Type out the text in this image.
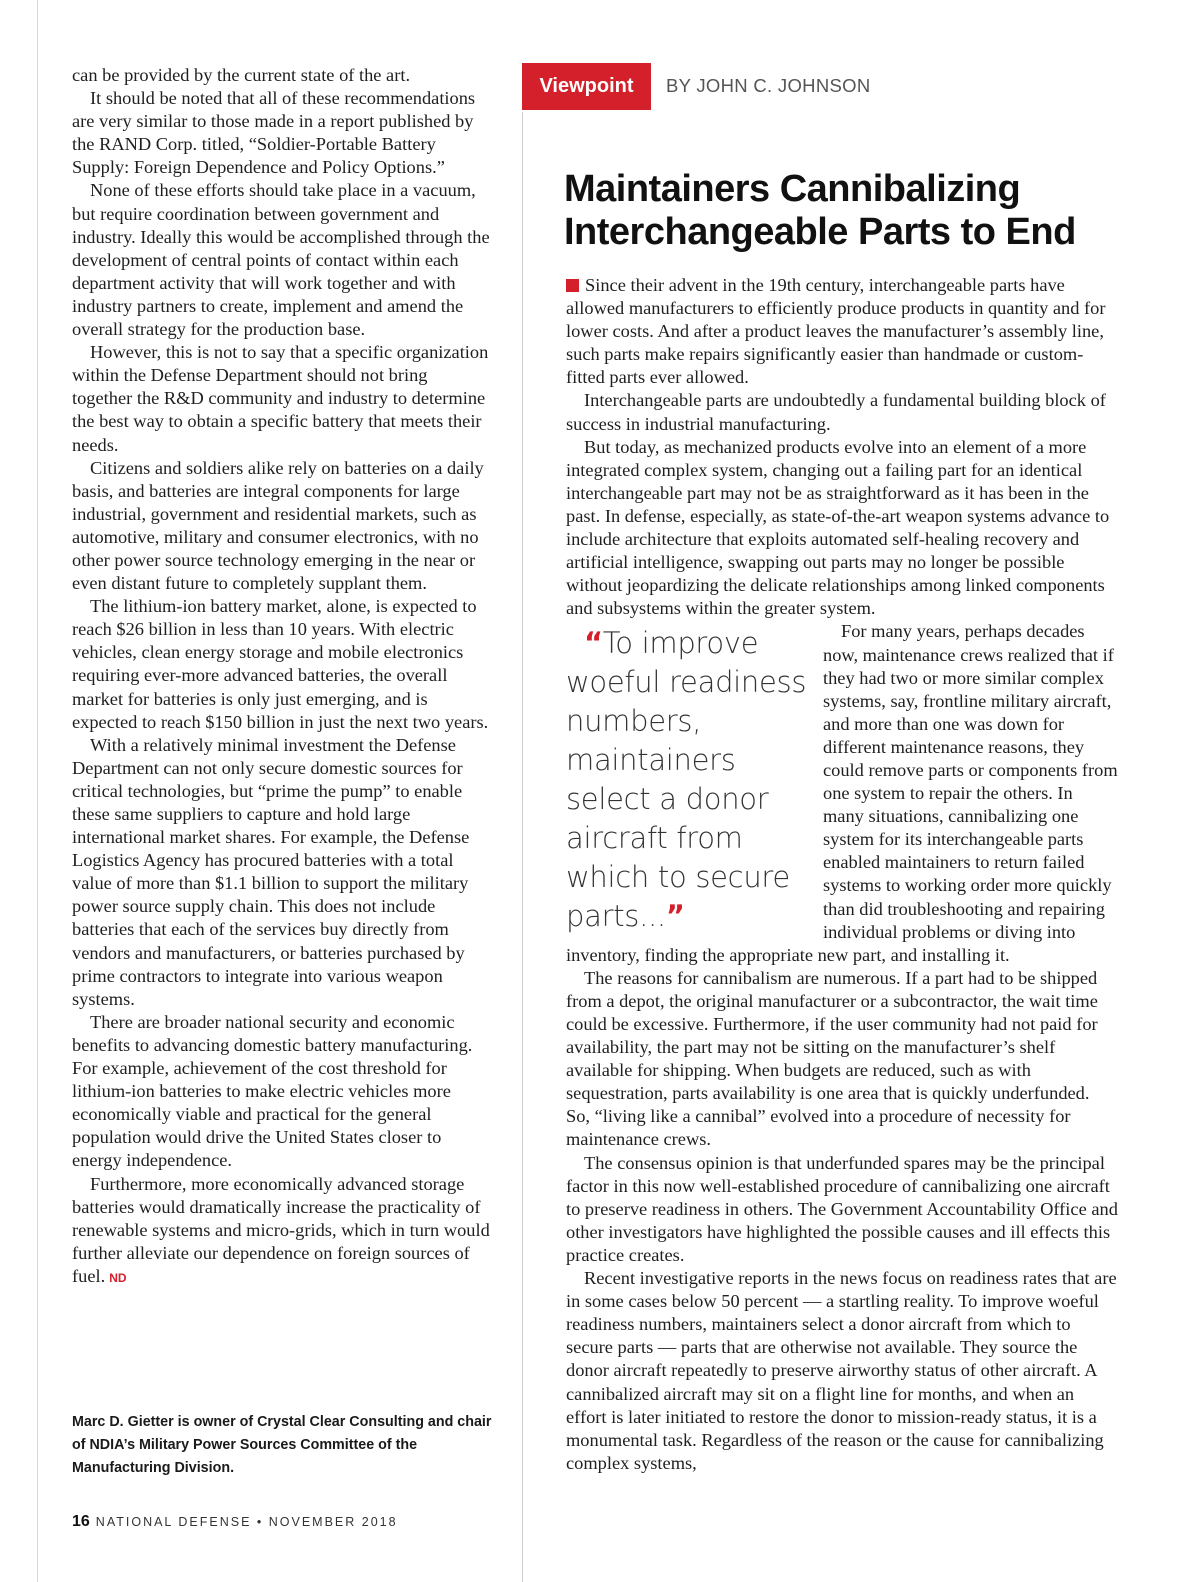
can be provided by the current state of the art.

It should be noted that all of these recommendations are very similar to those made in a report published by the RAND Corp. titled, “Soldier-Portable Battery Supply: Foreign Dependence and Policy Options.”

None of these efforts should take place in a vacuum, but require coordination between government and industry. Ideally this would be accomplished through the development of central points of contact within each department activity that will work together and with industry partners to create, implement and amend the overall strategy for the production base.

However, this is not to say that a specific organization within the Defense Department should not bring together the R&D community and industry to determine the best way to obtain a specific battery that meets their needs.

Citizens and soldiers alike rely on batteries on a daily basis, and batteries are integral components for large industrial, government and residential markets, such as automotive, military and consumer electronics, with no other power source technology emerging in the near or even distant future to completely supplant them.

The lithium-ion battery market, alone, is expected to reach $26 billion in less than 10 years. With electric vehicles, clean energy storage and mobile electronics requiring ever-more advanced batteries, the overall market for batteries is only just emerging, and is expected to reach $150 billion in just the next two years.

With a relatively minimal investment the Defense Department can not only secure domestic sources for critical technologies, but “prime the pump” to enable these same suppliers to capture and hold large international market shares. For example, the Defense Logistics Agency has procured batteries with a total value of more than $1.1 billion to support the military power source supply chain. This does not include batteries that each of the services buy directly from vendors and manufacturers, or batteries purchased by prime contractors to integrate into various weapon systems.

There are broader national security and economic benefits to advancing domestic battery manufacturing. For example, achievement of the cost threshold for lithium-ion batteries to make electric vehicles more economically viable and practical for the general population would drive the United States closer to energy independence.

Furthermore, more economically advanced storage batteries would dramatically increase the practicality of renewable systems and micro-grids, which in turn would further alleviate our dependence on foreign sources of fuel. ND

Marc D. Gietter is owner of Crystal Clear Consulting and chair of NDIA’s Military Power Sources Committee of the Manufacturing Division.
16 NATIONAL DEFENSE • NOVEMBER 2018
Viewpoint	BY JOHN C. JOHNSON
Maintainers Cannibalizing Interchangeable Parts to End

Since their advent in the 19th century, interchangeable parts have allowed manufacturers to efficiently produce products in quantity and for lower costs. And after a product leaves the manufacturer’s assembly line, such parts make repairs significantly easier than handmade or custom-fitted parts ever allowed.

Interchangeable parts are undoubtedly a fundamental building block of success in industrial manufacturing.

But today, as mechanized products evolve into an element of a more integrated complex system, changing out a failing part for an identical interchangeable part may not be as straightforward as it has been in the past. In defense, especially, as state-of-the-art weapon systems advance to include architecture that exploits automated self-healing recovery and artificial intelligence, swapping out parts may no longer be possible without jeopardizing the delicate relationships among linked components and subsystems within the greater system.

“To improve woeful readiness numbers, maintainers select a donor aircraft from which to secure parts...”
For many years, perhaps decades now, maintenance crews realized that if they had two or more similar complex systems, say, frontline military aircraft, and more than one was down for different maintenance reasons, they could remove parts or components from one system to repair the others. In many situations, cannibalizing one system for its interchangeable parts enabled maintainers to return failed systems to working order more quickly than did troubleshooting and repairing individual problems or diving into inventory, finding the appropriate new part, and installing it.

The reasons for cannibalism are numerous. If a part had to be shipped from a depot, the original manufacturer or a subcontractor, the wait time could be excessive. Furthermore, if the user community had not paid for availability, the part may not be sitting on the manufacturer’s shelf available for shipping. When budgets are reduced, such as with sequestration, parts availability is one area that is quickly underfunded. So, “living like a cannibal” evolved into a procedure of necessity for maintenance crews.

The consensus opinion is that underfunded spares may be the principal factor in this now well-established procedure of cannibalizing one aircraft to preserve readiness in others. The Government Accountability Office and other investigators have highlighted the possible causes and ill effects this practice creates.

Recent investigative reports in the news focus on readiness rates that are in some cases below 50 percent — a startling reality. To improve woeful readiness numbers, maintainers select a donor aircraft from which to secure parts — parts that are otherwise not available. They source the donor aircraft repeatedly to preserve airworthy status of other aircraft. A cannibalized aircraft may sit on a flight line for months, and when an effort is later initiated to restore the donor to mission-ready status, it is a monumental task. Regardless of the reason or the cause for cannibalizing complex systems,
